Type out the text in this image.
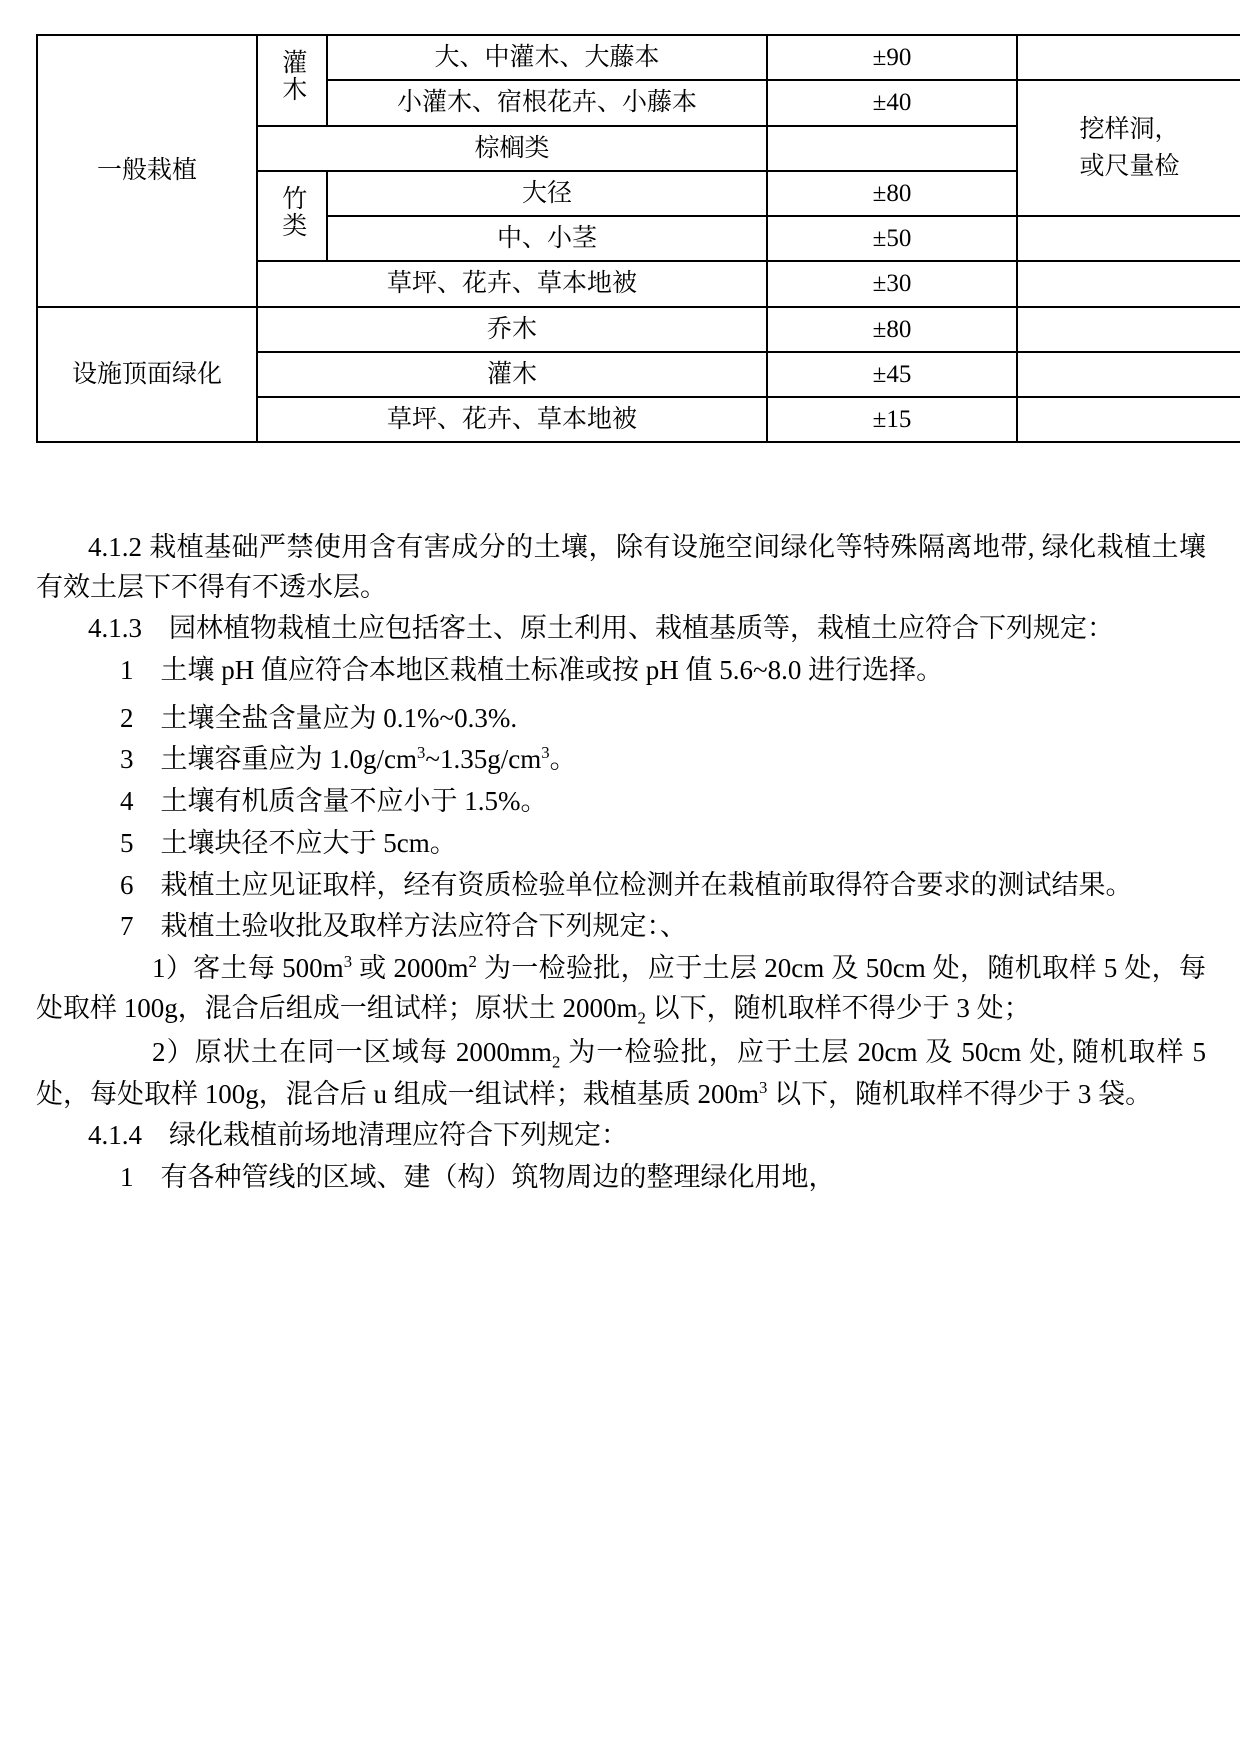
一般栽植	灌木	大、中灌木、大藤本	±90	
		小灌木、宿根花卉、小藤本	±40	挖样洞，
或尺量检

	棕榈类			
	竹类	大径	±80	
		中、小茎	±50	
	草坪、花卉、草本地被		±30	
设施顶面绿化	乔木		±80	
	灌木		±45	
	草坪、花卉、草本地被		±15	

4.1.2 栽植基础严禁使用含有害成分的土壤，除有设施空间绿化等特殊隔离地带, 绿化栽植土壤有效土层下不得有不透水层。

4.1.3　园林植物栽植土应包括客土、原土利用、栽植基质等，栽植土应符合下列规定：

1　土壤 pH 值应符合本地区栽植土标准或按 pH 值 5.6~8.0 进行选择。

2　土壤全盐含量应为 0.1%~0.3%.

3　土壤容重应为 $1.0g/cm^3\sim 1.35g/cm^3$。

4　土壤有机质含量不应小于 1.5%。

5　土壤块径不应大于 5cm。

6　栽植土应见证取样，经有资质检验单位检测并在栽植前取得符合要求的测试结果。

7　栽植土验收批及取样方法应符合下列规定：、

1）客土每 $500m^3$ 或 $2000m^2$ 为一检验批，应于土层 20cm 及 50cm 处，随机取样 5 处，每处取样 100g，混合后组成一组试样；原状土 $2000m_2$ 以下，随机取样不得少于 3 处；

2）原状土在同一区域每 $2000mm_2$ 为一检验批，应于土层 20cm 及 50cm 处, 随机取样 5 处，每处取样 100g，混合后 u 组成一组试样；栽植基质 $200m^3$ 以下，随机取样不得少于 3 袋。

4.1.4　绿化栽植前场地清理应符合下列规定：

1　有各种管线的区域、建（构）筑物周边的整理绿化用地，
